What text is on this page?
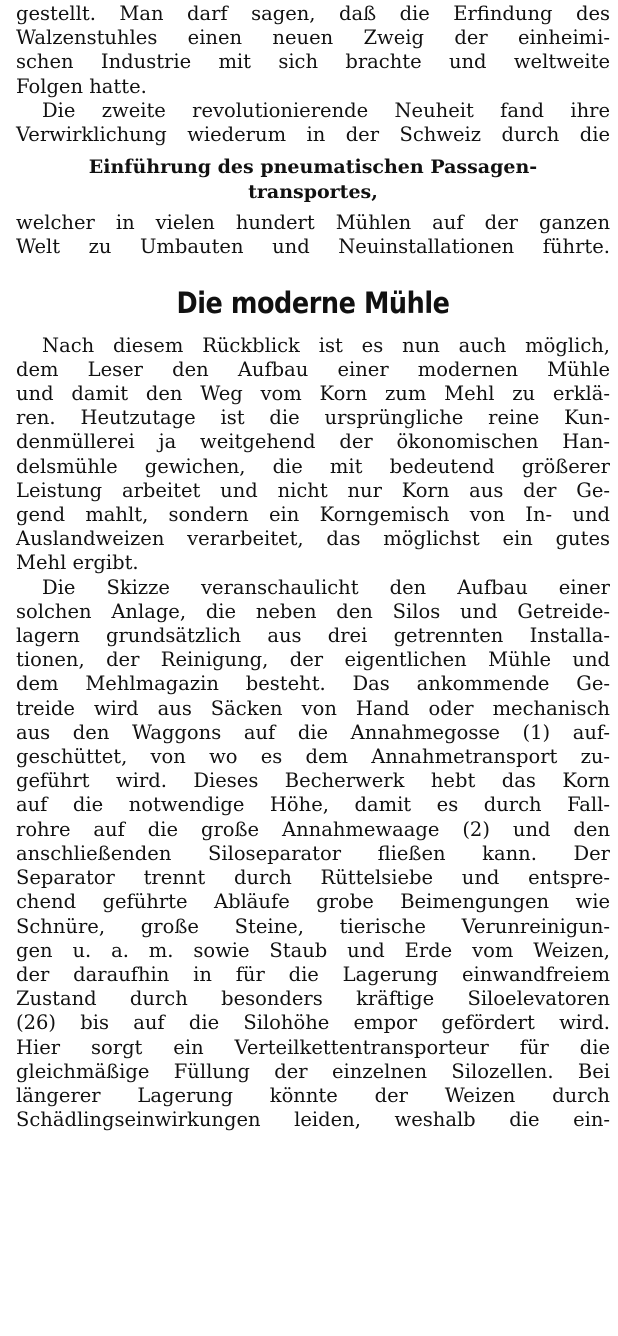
gestellt. Man darf sagen, daß die Erfindung des
Walzenstuhles einen neuen Zweig der einheimi-
schen Industrie mit sich brachte und weltweite
Folgen hatte.
Die zweite revolutionierende Neuheit fand ihre
Verwirklichung wiederum in der Schweiz durch die
Einführung des pneumatischen Passagen-
transportes,
welcher in vielen hundert Mühlen auf der ganzen
Welt zu Umbauten und Neuinstallationen führte.
Die moderne Mühle
Nach diesem Rückblick ist es nun auch möglich,
dem Leser den Aufbau einer modernen Mühle
und damit den Weg vom Korn zum Mehl zu erklä-
ren. Heutzutage ist die ursprüngliche reine Kun-
denmüllerei ja weitgehend der ökonomischen Han-
delsmühle gewichen, die mit bedeutend größerer
Leistung arbeitet und nicht nur Korn aus der Ge-
gend mahlt, sondern ein Korngemisch von In- und
Auslandweizen verarbeitet, das möglichst ein gutes
Mehl ergibt.
Die Skizze veranschaulicht den Aufbau einer
solchen Anlage, die neben den Silos und Getreide-
lagern grundsätzlich aus drei getrennten Installa-
tionen, der Reinigung, der eigentlichen Mühle und
dem Mehlmagazin besteht. Das ankommende Ge-
treide wird aus Säcken von Hand oder mechanisch
aus den Waggons auf die Annahmegosse (1) auf-
geschüttet, von wo es dem Annahmetransport zu-
geführt wird. Dieses Becherwerk hebt das Korn
auf die notwendige Höhe, damit es durch Fall-
rohre auf die große Annahmewaage (2) und den
anschließenden Siloseparator fließen kann. Der
Separator trennt durch Rüttelsiebe und entspre-
chend geführte Abläufe grobe Beimengungen wie
Schnüre, große Steine, tierische Verunreinigun-
gen u. a. m. sowie Staub und Erde vom Weizen,
der daraufhin in für die Lagerung einwandfreiem
Zustand durch besonders kräftige Siloelevatoren
(26) bis auf die Silohöhe empor gefördert wird.
Hier sorgt ein Verteilkettentransporteur für die
gleichmäßige Füllung der einzelnen Silozellen. Bei
längerer Lagerung könnte der Weizen durch
Schädlingseinwirkungen leiden, weshalb die ein-
